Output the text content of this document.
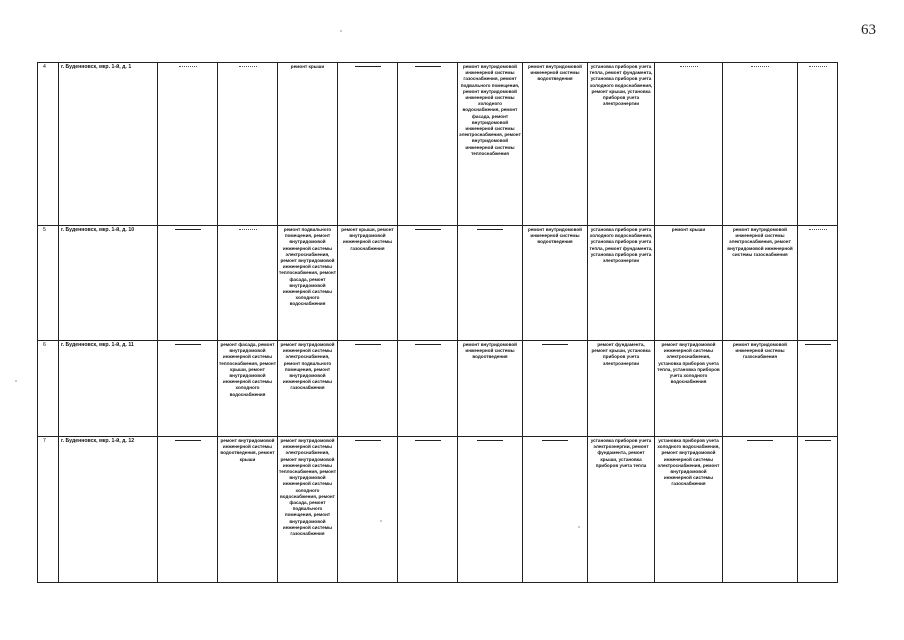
63
4	г. Буденновск, мкр. 1-й, д. 1			ремонт крыши			ремонт внутридомовой инженерной системы газоснабжения, ремонт подвального помещения, ремонт внутридомовой инженерной системы холодного водоснабжения, ремонт фасада, ремонт внутридомовой инженерной системы электроснабжения, ремонт внутридомовой инженерной системы теплоснабжения	ремонт внутридомовой инженерной системы водоотведения	установка приборов учета тепла, ремонт фундамента, установка приборов учета холодного водоснабжения, ремонт крыши, установка приборов учета электроэнергии	

5	г. Буденновск, мкр. 1-й, д. 10			ремонт подвального помещения, ремонт внутридомовой инженерной системы электроснабжения, ремонт внутридомовой инженерной системы теплоснабжения, ремонт фасада, ремонт внутридомовой инженерной системы холодного водоснабжения	ремонт крыши, ремонт внутридомовой инженерной системы газоснабжения			ремонт внутридомовой инженерной системы водоотведения	установка приборов учета холодного водоснабжения, установка приборов учета тепла, ремонт фундамента, установка приборов учета электроэнергии	ремонт крыши	ремонт внутридомовой инженерной системы электроснабжения, ремонт внутридомовой инженерной системы газоснабжения	

6	г. Буденновск, мкр. 1-й, д. 11		ремонт фасада, ремонт внутридомовой инженерной системы теплоснабжения, ремонт крыши, ремонт внутридомовой инженерной системы холодного водоснабжения	ремонт внутридомовой инженерной системы электроснабжения, ремонт подвального помещения, ремонт внутридомовой инженерной системы газоснабжения			ремонт внутридомовой инженерной системы водоотведения		ремонт фундамента, ремонт крыши, установка приборов учета электроэнергии	ремонт внутридомовой инженерной системы электроснабжения, установка приборов учета тепла, установка приборов учета холодного водоснабжения	ремонт внутридомовой инженерной системы газоснабжения	

7	г. Буденновск, мкр. 1-й, д. 12		ремонт внутридомовой инженерной системы водоотведения, ремонт крыши	ремонт внутридомовой инженерной системы электроснабжения, ремонт внутридомовой инженерной системы теплоснабжения, ремонт внутридомовой инженерной системы холодного водоснабжения, ремонт фасада, ремонт подвального помещения, ремонт внутридомовой инженерной системы газоснабжения					установка приборов учета электроэнергии, ремонт фундамента, ремонт крыши, установка приборов учета тепла	установка приборов учета холодного водоснабжения, ремонт внутридомовой инженерной системы электроснабжения, ремонт внутридомовой инженерной системы газоснабжения	
